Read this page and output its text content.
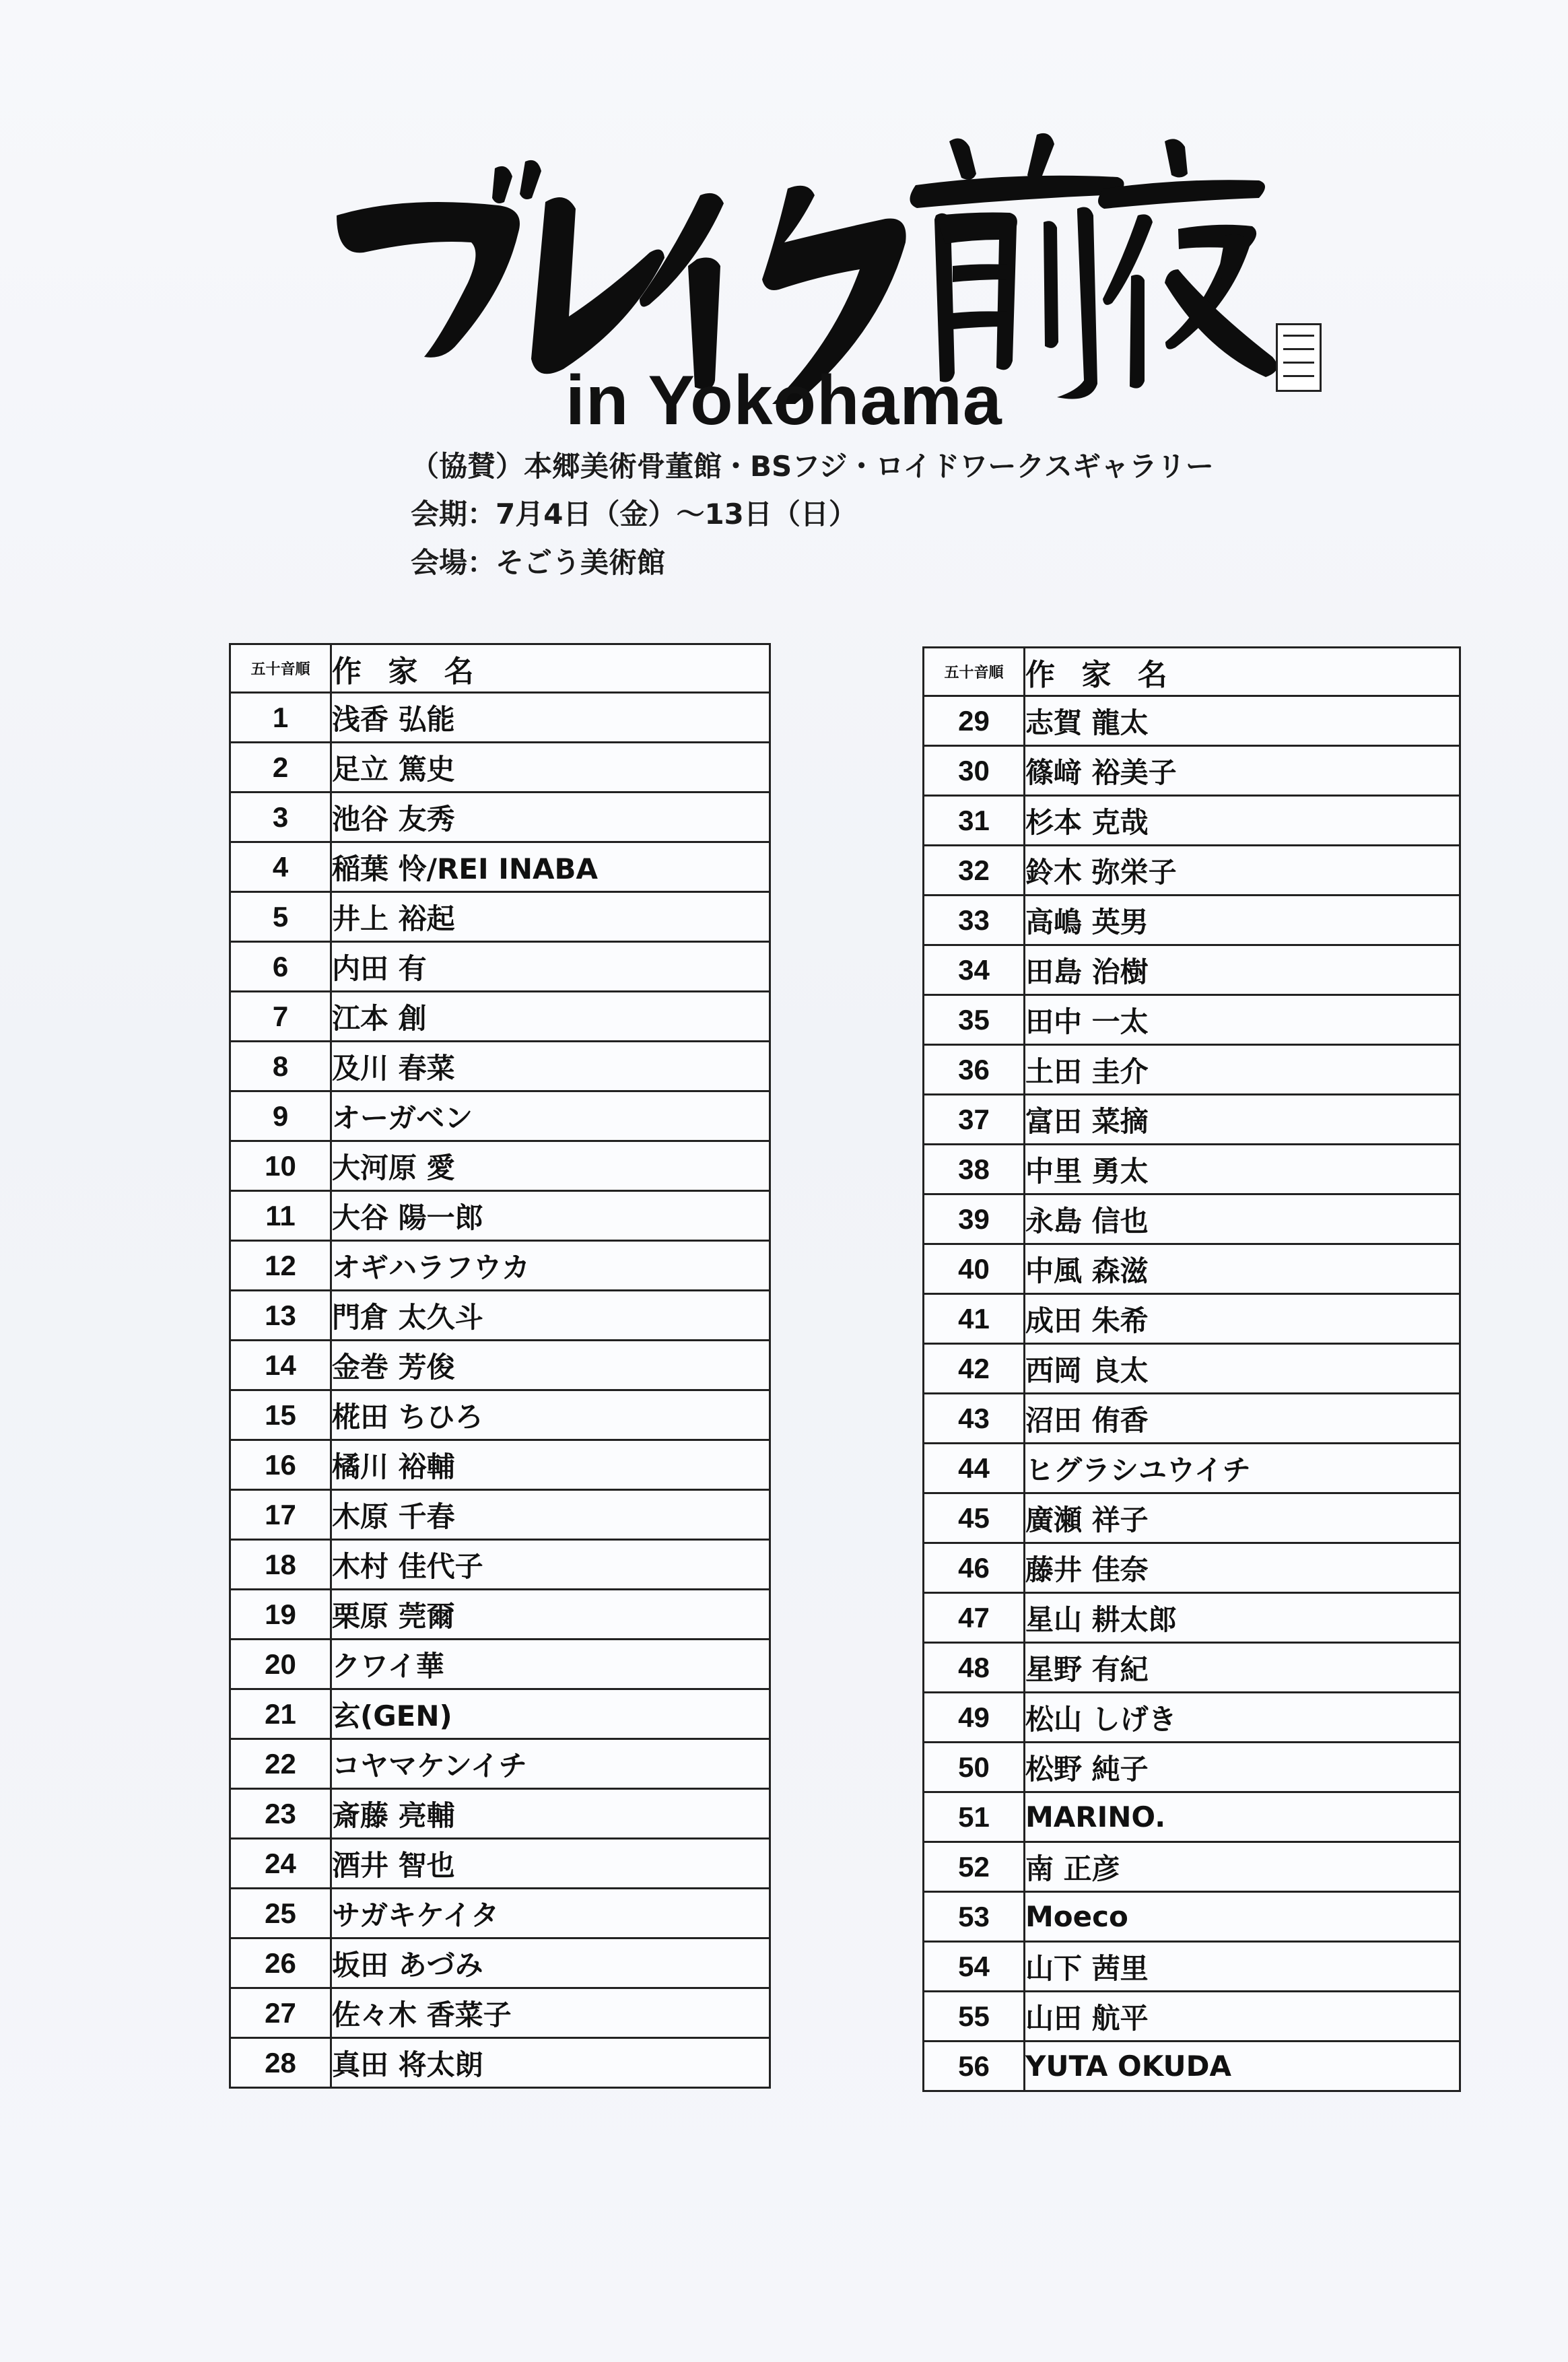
in Yokohama
（協賛）本郷美術骨董館・BSフジ・ロイドワークスギャラリー
会期：7月4日（金）〜13日（日）
会場：そごう美術館
五十音順	作 家 名
1	浅香 弘能
2	足立 篤史
3	池谷 友秀
4	稲葉 怜/REI INABA
5	井上 裕起
6	内田 有
7	江本 創
8	及川 春菜
9	オーガベン
10	大河原 愛
11	大谷 陽一郎
12	オギハラフウカ
13	門倉 太久斗
14	金巻 芳俊
15	椛田 ちひろ
16	橘川 裕輔
17	木原 千春
18	木村 佳代子
19	栗原 莞爾
20	クワイ華
21	玄(GEN)
22	コヤマケンイチ
23	斎藤 亮輔
24	酒井 智也
25	サガキケイタ
26	坂田 あづみ
27	佐々木 香菜子
28	真田 将太朗
五十音順	作 家 名
29	志賀 龍太
30	篠﨑 裕美子
31	杉本 克哉
32	鈴木 弥栄子
33	高嶋 英男
34	田島 治樹
35	田中 一太
36	土田 圭介
37	富田 菜摘
38	中里 勇太
39	永島 信也
40	中風 森滋
41	成田 朱希
42	西岡 良太
43	沼田 侑香
44	ヒグラシユウイチ
45	廣瀬 祥子
46	藤井 佳奈
47	星山 耕太郎
48	星野 有紀
49	松山 しげき
50	松野 純子
51	MARINO.
52	南 正彦
53	Moeco
54	山下 茜里
55	山田 航平
56	YUTA OKUDA
